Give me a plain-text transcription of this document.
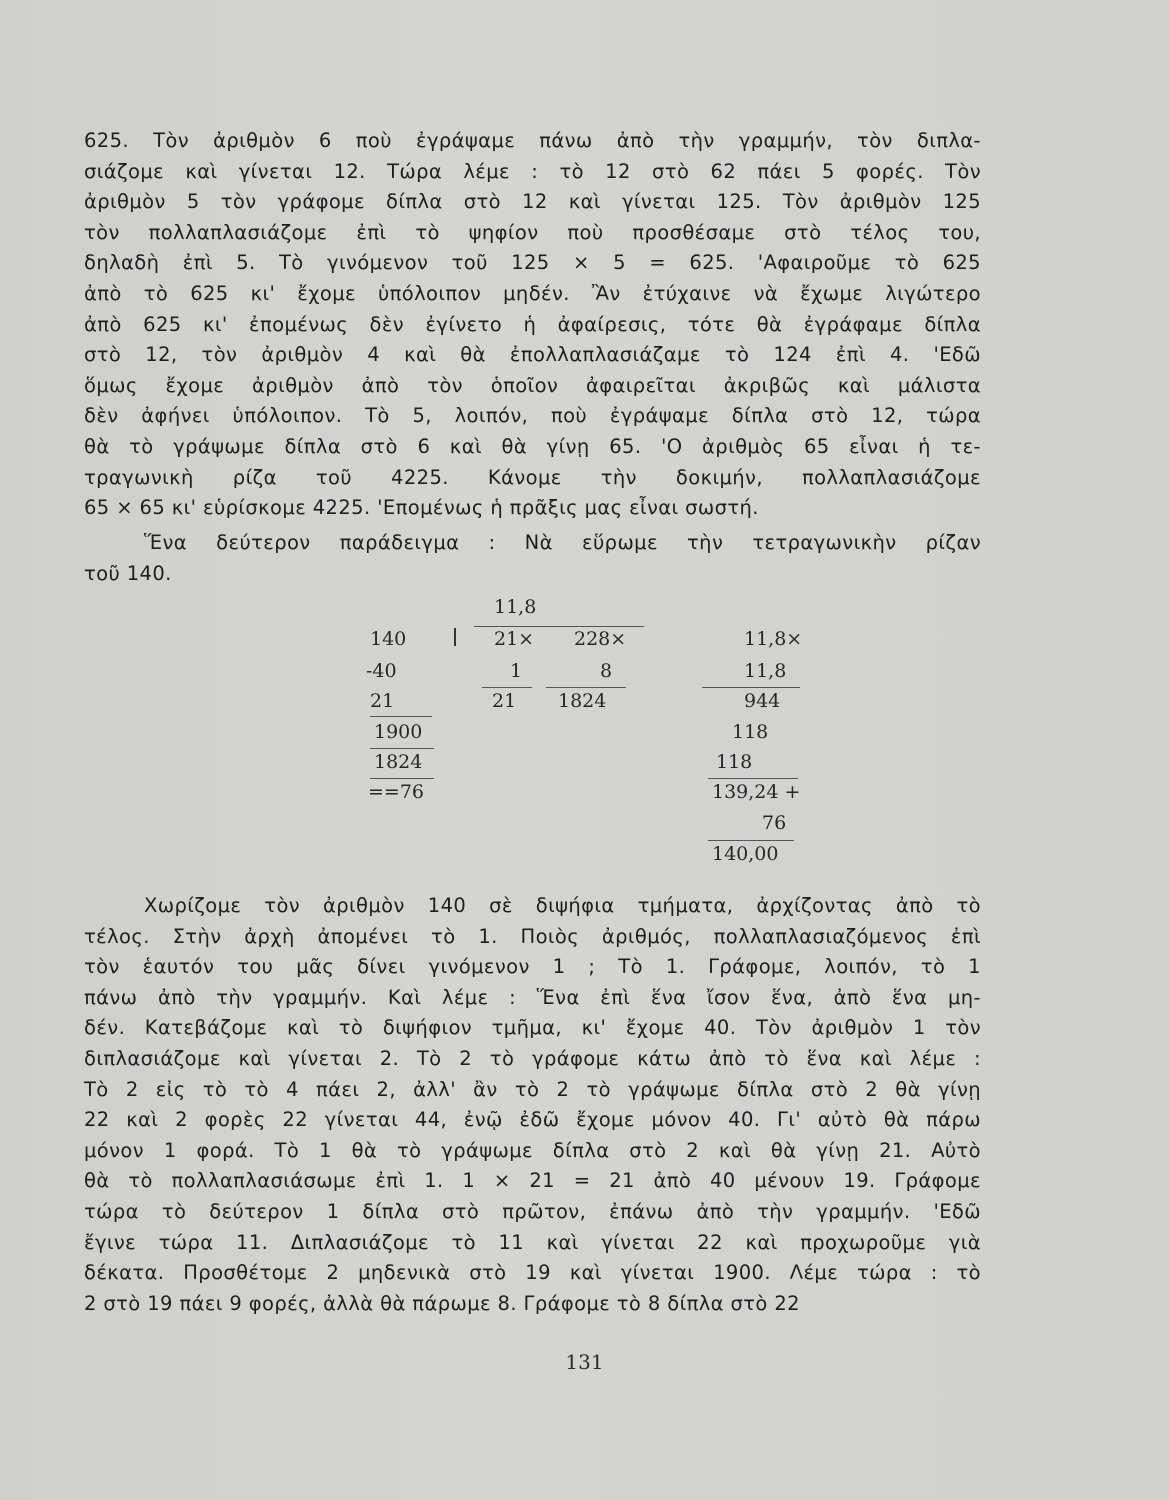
625. Τὸν ἀριθμὸν 6 ποὺ ἐγράψαμε πάνω ἀπὸ τὴν γραμμήν, τὸν διπλα-
σιάζομε καὶ γίνεται 12. Τώρα λέμε : τὸ 12 στὸ 62 πάει 5 φορές. Τὸν
ἀριθμὸν 5 τὸν γράφομε δίπλα στὸ 12 καὶ γίνεται 125. Τὸν ἀριθμὸν 125
τὸν πολλαπλασιάζομε ἐπὶ τὸ ψηφίον ποὺ προσθέσαμε στὸ τέλος του,
δηλαδὴ ἐπὶ 5. Τὸ γινόμενον τοῦ 125 × 5 = 625. 'Αφαιροῦμε τὸ 625
ἀπὸ τὸ 625 κι' ἔχομε ὑπόλοιπον μηδέν. Ἂν ἐτύχαινε νὰ ἔχωμε λιγώτερο
ἀπὸ 625 κι' ἐπομένως δὲν ἐγίνετο ἡ ἀφαίρεσις, τότε θὰ ἐγράφαμε δίπλα
στὸ 12, τὸν ἀριθμὸν 4 καὶ θὰ ἐπολλαπλασιάζαμε τὸ 124 ἐπὶ 4. 'Εδῶ
ὅμως ἔχομε ἀριθμὸν ἀπὸ τὸν ὁποῖον ἀφαιρεῖται ἀκριβῶς καὶ μάλιστα
δὲν ἀφήνει ὑπόλοιπον. Τὸ 5, λοιπόν, ποὺ ἐγράψαμε δίπλα στὸ 12, τώρα
θὰ τὸ γράψωμε δίπλα στὸ 6 καὶ θὰ γίνῃ 65. 'Ο ἀριθμὸς 65 εἶναι ἡ τε-
τραγωνικὴ ρίζα τοῦ 4225. Κάνομε τὴν δοκιμήν, πολλαπλασιάζομε
65 × 65 κι' εὑρίσκομε 4225. 'Επομένως ἡ πρᾶξις μας εἶναι σωστή.
Ἕνα δεύτερον παράδειγμα : Νὰ εὕρωμε τὴν τετραγωνικὴν ρίζαν
τοῦ 140.
11,8
140
-40
21
1900
1824
==76
21×
1
21
228×
8
1824
11,8×
11,8
944
118
118
139,24 +
76
140,00
Χωρίζομε τὸν ἀριθμὸν 140 σὲ διψήφια τμήματα, ἀρχίζοντας ἀπὸ τὸ
τέλος. Στὴν ἀρχὴ ἀπομένει τὸ 1. Ποιὸς ἀριθμός, πολλαπλασιαζόμενος ἐπὶ
τὸν ἑαυτόν του μᾶς δίνει γινόμενον 1 ; Τὸ 1. Γράφομε, λοιπόν, τὸ 1
πάνω ἀπὸ τὴν γραμμήν. Καὶ λέμε : Ἕνα ἐπὶ ἕνα ἴσον ἕνα, ἀπὸ ἕνα μη-
δέν. Κατεβάζομε καὶ τὸ διψήφιον τμῆμα, κι' ἔχομε 40. Τὸν ἀριθμὸν 1 τὸν
διπλασιάζομε καὶ γίνεται 2. Τὸ 2 τὸ γράφομε κάτω ἀπὸ τὸ ἕνα καὶ λέμε :
Τὸ 2 εἰς τὸ τὸ 4 πάει 2, ἀλλ' ἂν τὸ 2 τὸ γράψωμε δίπλα στὸ 2 θὰ γίνῃ
22 καὶ 2 φορὲς 22 γίνεται 44, ἐνῷ ἐδῶ ἔχομε μόνον 40. Γι' αὐτὸ θὰ πάρω
μόνον 1 φορά. Τὸ 1 θὰ τὸ γράψωμε δίπλα στὸ 2 καὶ θὰ γίνῃ 21. Αὐτὸ
θὰ τὸ πολλαπλασιάσωμε ἐπὶ 1. 1 × 21 = 21 ἀπὸ 40 μένουν 19. Γράφομε
τώρα τὸ δεύτερον 1 δίπλα στὸ πρῶτον, ἐπάνω ἀπὸ τὴν γραμμήν. 'Εδῶ
ἔγινε τώρα 11. Διπλασιάζομε τὸ 11 καὶ γίνεται 22 καὶ προχωροῦμε γιὰ
δέκατα. Προσθέτομε 2 μηδενικὰ στὸ 19 καὶ γίνεται 1900. Λέμε τώρα : τὸ
2 στὸ 19 πάει 9 φορές, ἀλλὰ θὰ πάρωμε 8. Γράφομε τὸ 8 δίπλα στὸ 22
131
